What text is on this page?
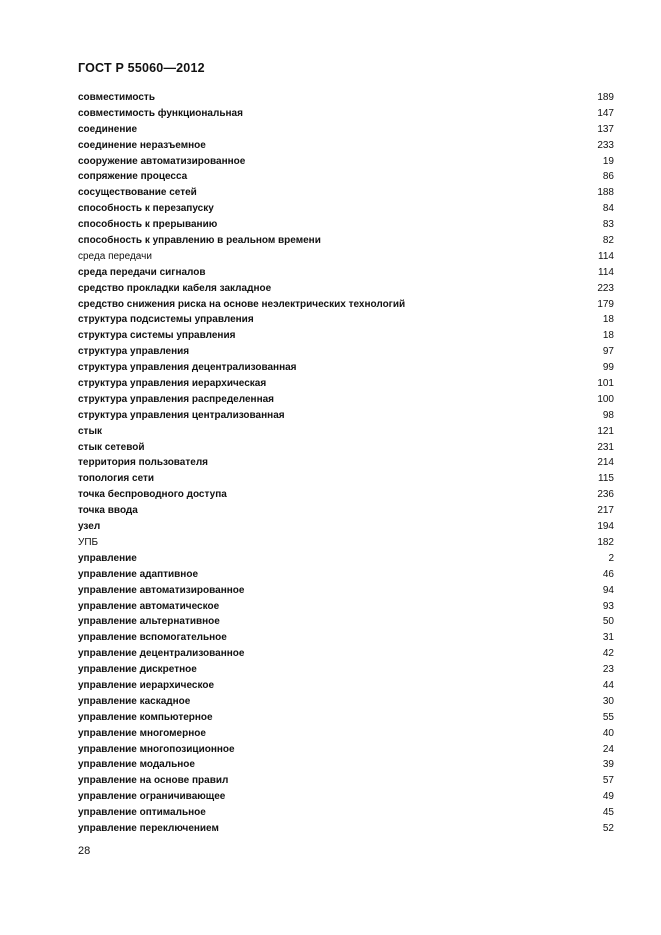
ГОСТ Р 55060—2012
совместимость	189
совместимость функциональная	147
соединение	137
соединение неразъемное	233
сооружение автоматизированное	19
сопряжение процесса	86
сосуществование сетей	188
способность к перезапуску	84
способность к прерыванию	83
способность к управлению в реальном времени	82
среда передачи	114
среда передачи сигналов	114
средство прокладки кабеля закладное	223
средство снижения риска на основе неэлектрических технологий	179
структура подсистемы управления	18
структура системы управления	18
структура управления	97
структура управления децентрализованная	99
структура управления иерархическая	101
структура управления распределенная	100
структура управления централизованная	98
стык	121
стык сетевой	231
территория пользователя	214
топология сети	115
точка беспроводного доступа	236
точка ввода	217
узел	194
УПБ	182
управление	2
управление адаптивное	46
управление автоматизированное	94
управление автоматическое	93
управление альтернативное	50
управление вспомогательное	31
управление децентрализованное	42
управление дискретное	23
управление иерархическое	44
управление каскадное	30
управление компьютерное	55
управление многомерное	40
управление многопозиционное	24
управление модальное	39
управление на основе правил	57
управление ограничивающее	49
управление оптимальное	45
управление переключением	52
28
